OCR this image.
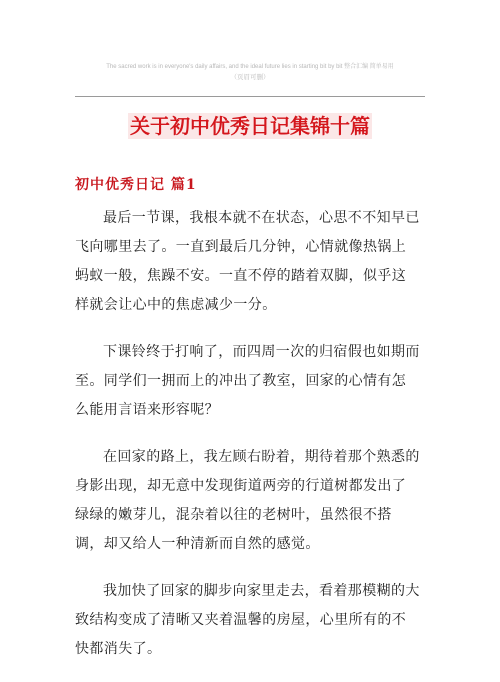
The sacred work is in everyone's daily affairs, and the ideal future lies in starting bit by bit 整合汇编 简单易用
（页眉可删）
关于初中优秀日记集锦十篇
初中优秀日记 篇1

最后一节课，我根本就不在状态，心思不不知早已飞向哪里去了。一直到最后几分钟，心情就像热锅上蚂蚁一般，焦躁不安。一直不停的踏着双脚，似乎这样就会让心中的焦虑减少一分。

下课铃终于打响了，而四周一次的归宿假也如期而至。同学们一拥而上的冲出了教室，回家的心情有怎么能用言语来形容呢？

在回家的路上，我左顾右盼着，期待着那个熟悉的身影出现，却无意中发现街道两旁的行道树都发出了绿绿的嫩芽儿，混杂着以往的老树叶，虽然很不搭调，却又给人一种清新而自然的感觉。

我加快了回家的脚步向家里走去，看着那模糊的大致结构变成了清晰又夹着温馨的房屋，心里所有的不快都消失了。
